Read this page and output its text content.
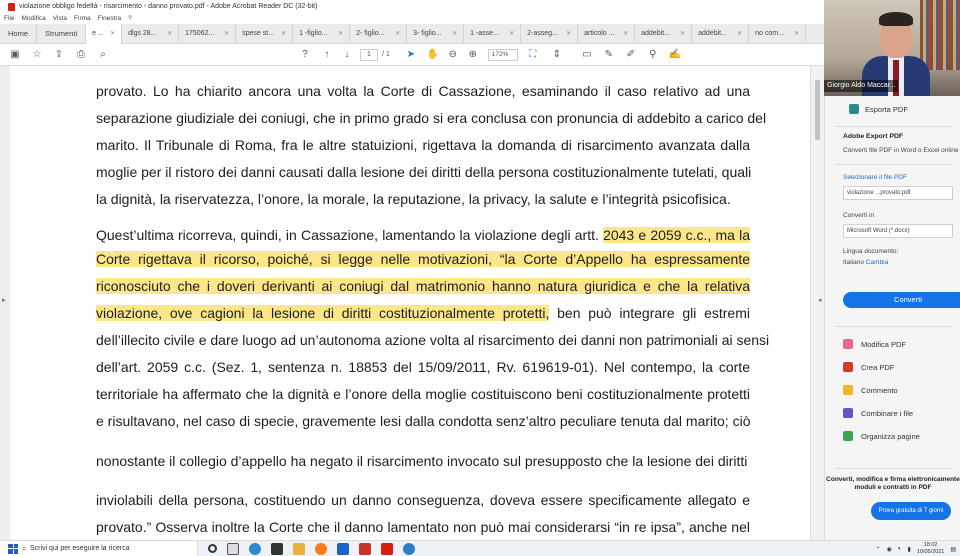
violazione obbligo fedeltà - risarcimento - danno provato.pdf - Adobe Acrobat Reader DC (32-bit)
File Modifica Vista Firma Finestra ?
Home	Strumenti	e ... ✕ dlgs 28... ✕ 175062... ✕ spese st... ✕ 1 -figlio... ✕ 2- figlio... ✕ 3- figlio... ✕ 1 -asse... ✕ 2-asseg... ✕ articolo ... ✕ addebit... ✕ addebit... ✕ no com... ✕
▣ ☆ ⇪	⎙	⌕	?	↑	↓	1	/ 1 ➤ ✋ ⊖ ⊕	172%	⛶	⇕ ▭ ✎ ✐	⚲	✍
▸
provato. Lo ha chiarito ancora una volta la Corte di Cassazione, esaminando il caso relativo ad una
separazione giudiziale dei coniugi, che in primo grado si era conclusa con pronuncia di addebito a carico del
marito. Il Tribunale di Roma, fra le altre statuizioni, rigettava la domanda di risarcimento avanzata dalla
moglie per il ristoro dei danni causati dalla lesione dei diritti della persona costituzionalmente tutelati, quali
la dignità, la riservatezza, l’onore, la morale, la reputazione, la privacy, la salute e l’integrità psicofisica.
Quest’ultima ricorreva, quindi, in Cassazione, lamentando la violazione degli artt. 2043 e 2059 c.c., ma la
Corte rigettava il ricorso, poiché, si legge nelle motivazioni, “la Corte d’Appello ha espressamente
riconosciuto che i doveri derivanti ai coniugi dal matrimonio hanno natura giuridica e che la relativa
violazione, ove cagioni la lesione di diritti costituzionalmente protetti, ben può integrare gli estremi
dell’illecito civile e dare luogo ad un’autonoma azione volta al risarcimento dei danni non patrimoniali ai sensi
dell’art. 2059 c.c. (Sez. 1, sentenza n. 18853 del 15/09/2011, Rv. 619619-01). Nel contempo, la corte
territoriale ha affermato che la dignità e l’onore della moglie costituiscono beni costituzionalmente protetti
e risultavano, nel caso di specie, gravemente lesi dalla condotta senz’altro peculiare tenuta dal marito; ciò
nonostante il collegio d’appello ha negato il risarcimento invocato sul presupposto che la lesione dei diritti
inviolabili della persona, costituendo un danno conseguenza, doveva essere specificamente allegato e
provato.” Osserva inoltre la Corte che il danno lamentato non può mai considerarsi “in re ipsa”, anche nel
◂
Giorgio Aldo Maccar...
Esporta PDF
Adobe Export PDF
Converti file PDF in Word o Excel online
Selezionare il file PDF
violazione ...provato.pdf
Converti in
Microsoft Word (*.docx)
Lingua documento:
Italiano Cambia
Converti
Modifica PDF
Crea PDF
Commento
Combinare i file
Organizza pagine
Converti, modifica e firma elettronicamente
moduli e contratti in PDF
Prova gratuita di 7 giorni
⌕ Scrivi qui per eseguire la ricerca	⌃ ◉ ◐ ▮
18:02
10/05/2021 ▤
